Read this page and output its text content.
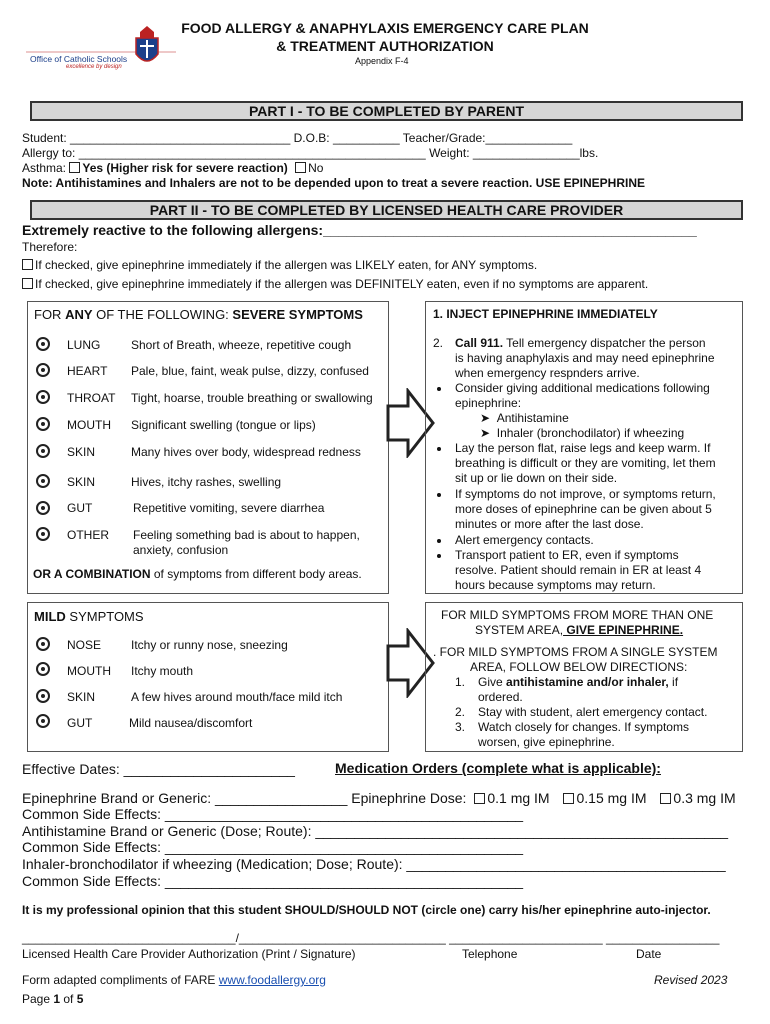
Office of Catholic Schools
excellence by design
FOOD ALLERGY & ANAPHYLAXIS EMERGENCY CARE PLAN
& TREATMENT AUTHORIZATION
Appendix F-4
PART I - TO BE COMPLETED BY PARENT
Student: _________________________________ D.O.B: __________ Teacher/Grade:_____________
Allergy to: ____________________________________________________ Weight: ________________lbs.
Asthma: Yes (Higher risk for severe reaction) No
Note: Antihistamines and Inhalers are not to be depended upon to treat a severe reaction. USE EPINEPHRINE
PART II - TO BE COMPLETED BY LICENSED HEALTH CARE PROVIDER
Extremely reactive to the following allergens:________________________________________________
Therefore:
If checked, give epinephrine immediately if the allergen was LIKELY eaten, for ANY symptoms.
If checked, give epinephrine immediately if the allergen was DEFINITELY eaten, even if no symptoms are apparent.
FOR ANY OF THE FOLLOWING: SEVERE SYMPTOMS
LUNG	Short of Breath, wheeze, repetitive cough
HEART Pale, blue, faint, weak pulse, dizzy, confused
THROAT Tight, hoarse, trouble breathing or swallowing
MOUTH Significant swelling (tongue or lips)
SKIN	Many hives over body, widespread redness
SKIN	Hives, itchy rashes, swelling
GUT	Repetitive vomiting, severe diarrhea
OTHER Feeling something bad is about to happen,
anxiety, confusion
OR A COMBINATION of symptoms from different body areas.
1. INJECT EPINEPHRINE IMMEDIATELY
2. Call 911. Tell emergency dispatcher the person
is having anaphylaxis and may need epinephrine
when emergency respnders arrive.
Consider giving additional medications following
epinephrine:
➤  Antihistamine
➤  Inhaler (bronchodilator) if wheezing
Lay the person flat, raise legs and keep warm. If
breathing is difficult or they are vomiting, let them
sit up or lie down on their side.
If symptoms do not improve, or symptoms return,
more doses of epinephrine can be given about 5
minutes or more after the last dose.
Alert emergency contacts.
Transport patient to ER, even if symptoms
resolve. Patient should remain in ER at least 4
hours because symptoms may return.
MILD SYMPTOMS
NOSE Itchy or runny nose, sneezing
MOUTH Itchy mouth
SKIN	A few hives around mouth/face mild itch
GUT	Mild nausea/discomfort
FOR MILD SYMPTOMS FROM MORE THAN ONE
SYSTEM AREA, GIVE EPINEPHRINE.
. FOR MILD SYMPTOMS FROM A SINGLE SYSTEM
AREA, FOLLOW BELOW DIRECTIONS:
1. Give antihistamine and/or inhaler, if
ordered.
2. Stay with student, alert emergency contact.
3. Watch closely for changes. If symptoms
worsen, give epinephrine.
Effective Dates: ______________________	Medication Orders (complete what is applicable):
Epinephrine Brand or Generic: _________________ Epinephrine Dose: 0.1 mg IM 0.15 mg IM 0.3 mg IM
Common Side Effects: ______________________________________________
Antihistamine Brand or Generic (Dose; Route): _____________________________________________________
Common Side Effects: ______________________________________________
Inhaler-bronchodilator if wheezing (Medication; Dose; Route): _________________________________________
Common Side Effects: ______________________________________________
It is my professional opinion that this student SHOULD/SHOULD NOT (circle one) carry his/her epinephrine auto-injector.
________________________________/_______________________________ _______________________ _________________
Licensed Health Care Provider Authorization (Print / Signature)	Telephone	Date
Form adapted compliments of FARE www.foodallergy.org	Revised 2023
Page 1 of 5
